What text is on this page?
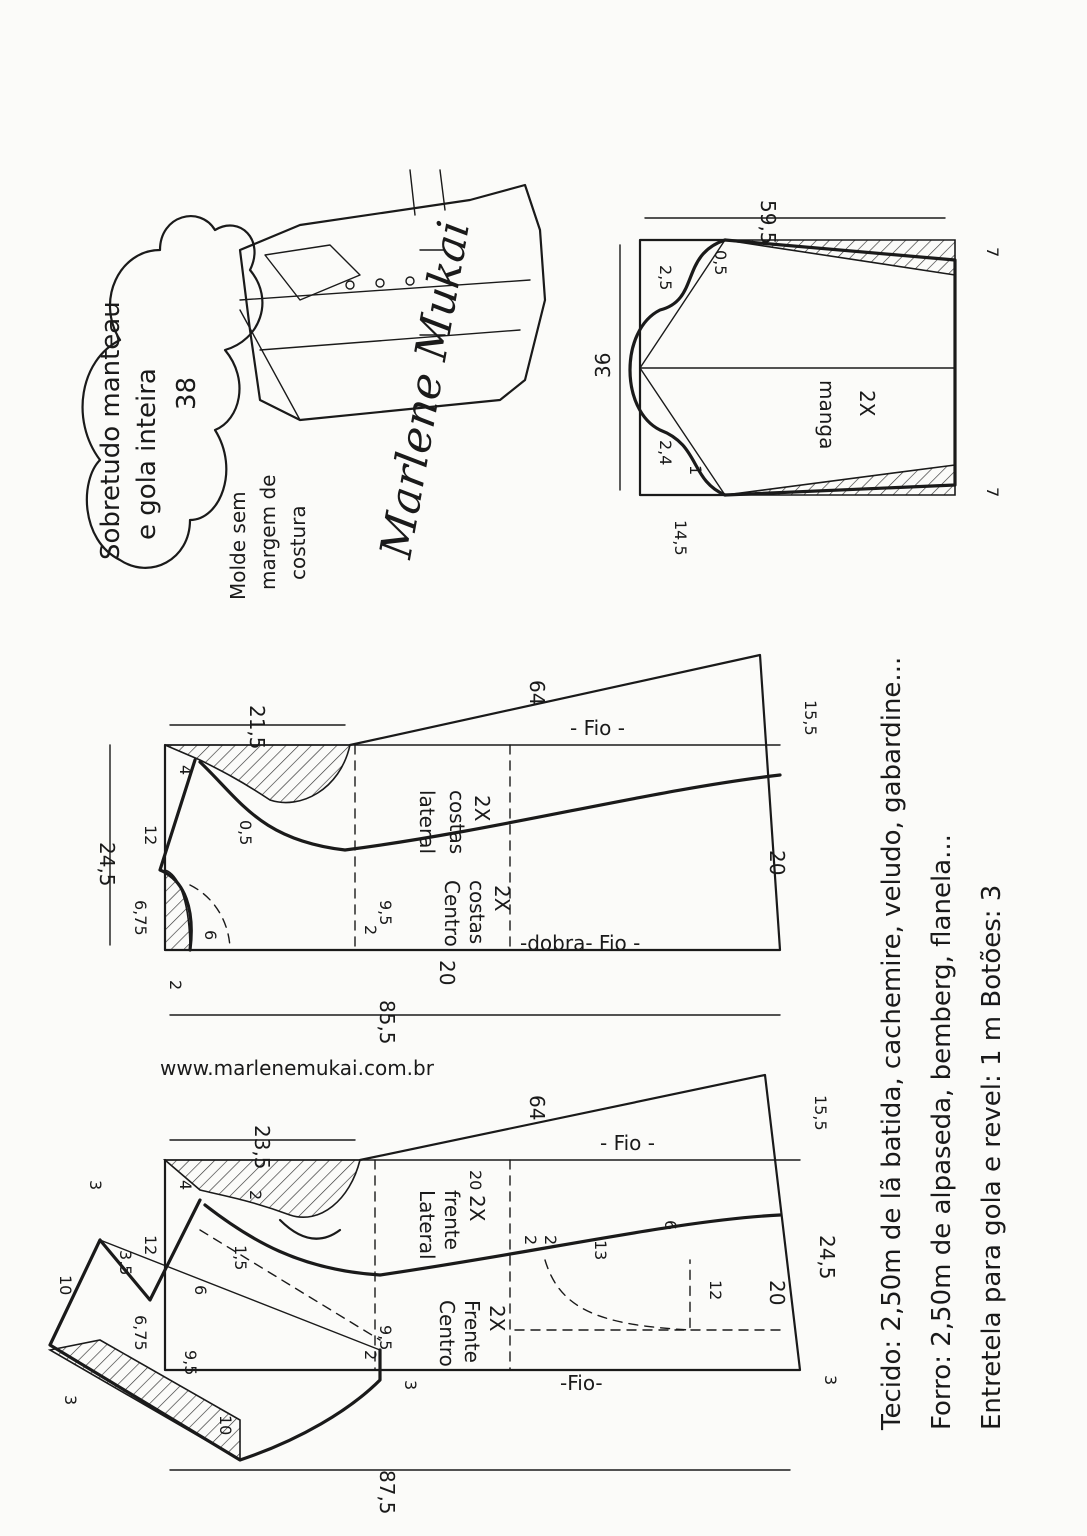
Sobretudo manteau e gola inteira 38
Molde sem margem de costura Marlene Mukai	manga 2X
36
59,5
14,5
7
7
2,5
0,5
2,4
1
lateral costas 2X
Centro costas 2X
- Fio -
-dobra- Fio -
21,5
24,5
64
15,5
4
12
6,75	6
2
0,5
9,5
2
20
20
85,5
www.marlenemukai.com.br
Lateral frente 2X
Centro Frente 2X
- Fio -
-Fio-
23,5
64	15,5
4
12
3
10
3
3,5
6,75
9,5
10
2
1,5
6
9,5
2
3	3
20
13
6
12
2 2
20
24,5
87,5
Tecido: 2,50m de lã batida, cachemire, veludo, gabardine... Forro: 2,50m de alpaseda, bemberg, flanela... Entretela para gola e revel: 1 m Botões: 3
